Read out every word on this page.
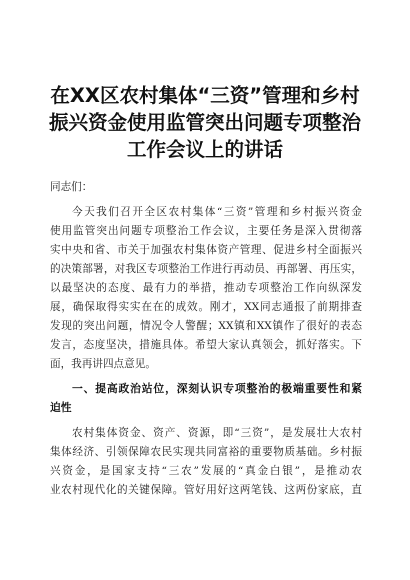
在XX区农村集体“三资”管理和乡村
振兴资金使用监管突出问题专项整治
工作会议上的讲话
同志们：
今天我们召开全区农村集体“三资”管理和乡村振兴资金
使用监管突出问题专项整治工作会议，主要任务是深入贯彻落
实中央和省、市关于加强农村集体资产管理、促进乡村全面振兴
的决策部署，对我区专项整治工作进行再动员、再部署、再压实，
以最坚决的态度、最有力的举措，推动专项整治工作向纵深发
展，确保取得实实在在的成效。刚才，XX同志通报了前期排查
发现的突出问题，情况令人警醒；XX镇和XX镇作了很好的表态
发言，态度坚决，措施具体。希望大家认真领会，抓好落实。下
面，我再讲四点意见。
一、提高政治站位，深刻认识专项整治的极端重要性和紧
迫性
农村集体资金、资产、资源，即“三资”，是发展壮大农村
集体经济、引领保障农民实现共同富裕的重要物质基础。乡村振
兴资金，是国家支持“三农”发展的“真金白银”，是推动农
业农村现代化的关键保障。管好用好这两笔钱、这两份家底，直
